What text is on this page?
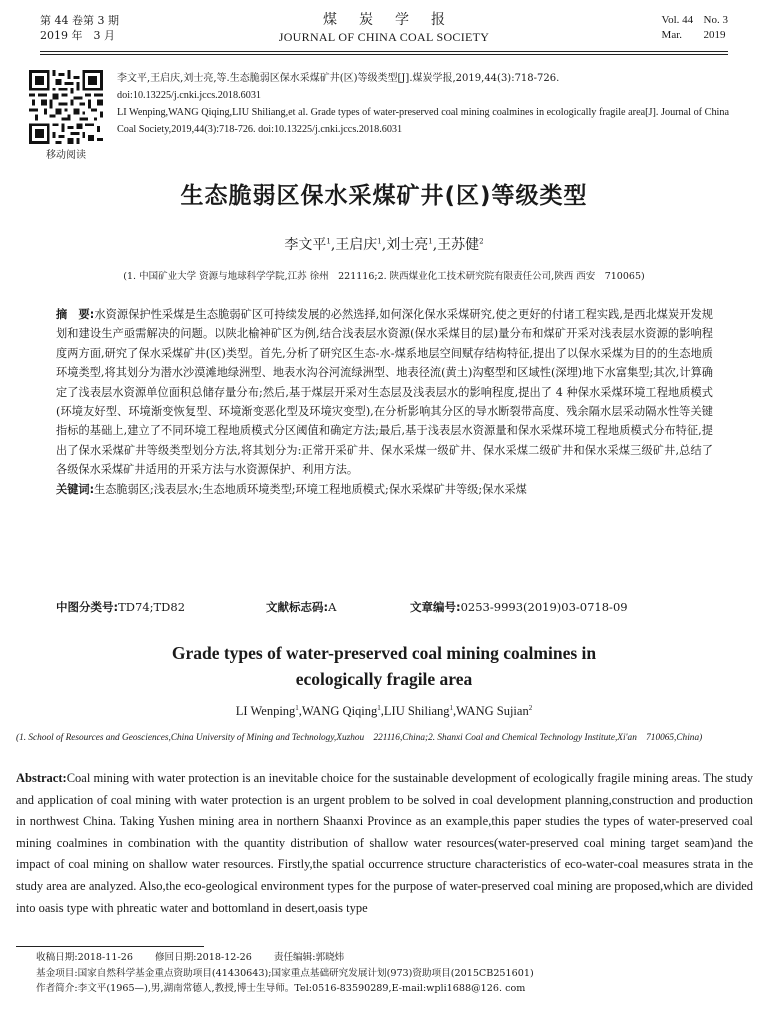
第 44 卷第 3 期
2019 年　3 月
煤炭学报
JOURNAL OF CHINA COAL SOCIETY
Vol. 44 No. 3
Mar. 2019
移动阅读
李文平,王启庆,刘士亮,等.生态脆弱区保水采煤矿井(区)等级类型[J].煤炭学报,2019,44(3):718-726.
doi:10.13225/j.cnki.jccs.2018.6031
LI Wenping,WANG Qiqing,LIU Shiliang,et al. Grade types of water-preserved coal mining coalmines in ecologically fragile area[J]. Journal of China Coal Society,2019,44(3):718-726. doi:10.13225/j.cnki.jccs.2018.6031
生态脆弱区保水采煤矿井(区)等级类型
李文平$^1$,王启庆$^1$,刘士亮$^1$,王苏健$^2$
(1. 中国矿业大学 资源与地球科学学院,江苏 徐州　221116;2. 陕西煤业化工技术研究院有限责任公司,陕西 西安　710065)
摘　要:水资源保护性采煤是生态脆弱矿区可持续发展的必然选择,如何深化保水采煤研究,使之更好的付诸工程实践,是西北煤炭开发规划和建设生产亟需解决的问题。以陕北榆神矿区为例,结合浅表层水资源(保水采煤目的层)量分布和煤矿开采对浅表层水资源的影响程度两方面,研究了保水采煤矿井(区)类型。首先,分析了研究区生态-水-煤系地层空间赋存结构特征,提出了以保水采煤为目的的生态地质环境类型,将其划分为潜水沙漠滩地绿洲型、地表水沟谷河流绿洲型、地表径流(黄土)沟壑型和区域性(深埋)地下水富集型;其次,计算确定了浅表层水资源单位面积总储存量分布;然后,基于煤层开采对生态层及浅表层水的影响程度,提出了 4 种保水采煤环境工程地质模式(环境友好型、环境渐变恢复型、环境渐变恶化型及环境灾变型),在分析影响其分区的导水断裂带高度、残余隔水层采动隔水性等关键指标的基础上,建立了不同环境工程地质模式分区阈值和确定方法;最后,基于浅表层水资源量和保水采煤环境工程地质模式分布特征,提出了保水采煤矿井等级类型划分方法,将其划分为:正常开采矿井、保水采煤一级矿井、保水采煤二级矿井和保水采煤三级矿井,总结了各级保水采煤矿井适用的开采方法与水资源保护、利用方法。
关键词:生态脆弱区;浅表层水;生态地质环境类型;环境工程地质模式;保水采煤矿井等级;保水采煤
中图分类号:TD74;TD82	文献标志码:A	文章编号:0253-9993(2019)03-0718-09
Grade types of water-preserved coal mining coalmines in
ecologically fragile area
LI Wenping$^1$,WANG Qiqing$^1$,LIU Shiliang$^1$,WANG Sujian$^2$
(1. School of Resources and Geosciences,China University of Mining and Technology,Xuzhou　221116,China;2. Shanxi Coal and Chemical Technology Institute,Xi'an　710065,China)
Abstract:Coal mining with water protection is an inevitable choice for the sustainable development of ecologically fragile mining areas. The study and application of coal mining with water protection is an urgent problem to be solved in coal development planning,construction and production in northwest China. Taking Yushen mining area in northern Shaanxi Province as an example,this paper studies the types of water-preserved coal mining coalmines in combination with the quantity distribution of shallow water resources(water-preserved coal mining target seam)and the impact of coal mining on shallow water resources. Firstly,the spatial occurrence structure characteristics of eco-water-coal measures strata in the study area are analyzed. Also,the eco-geological environment types for the purpose of water-preserved coal mining are proposed,which are divided into oasis type with phreatic water and bottomland in desert,oasis type
收稿日期:2018-11-26 修回日期:2018-12-26 责任编辑:郭晓炜
基金项目:国家自然科学基金重点资助项目(41430643);国家重点基础研究发展计划(973)资助项目(2015CB251601)
作者简介:李文平(1965—),男,湖南常德人,教授,博士生导师。Tel:0516-83590289,E-mail:wpli1688@126. com
